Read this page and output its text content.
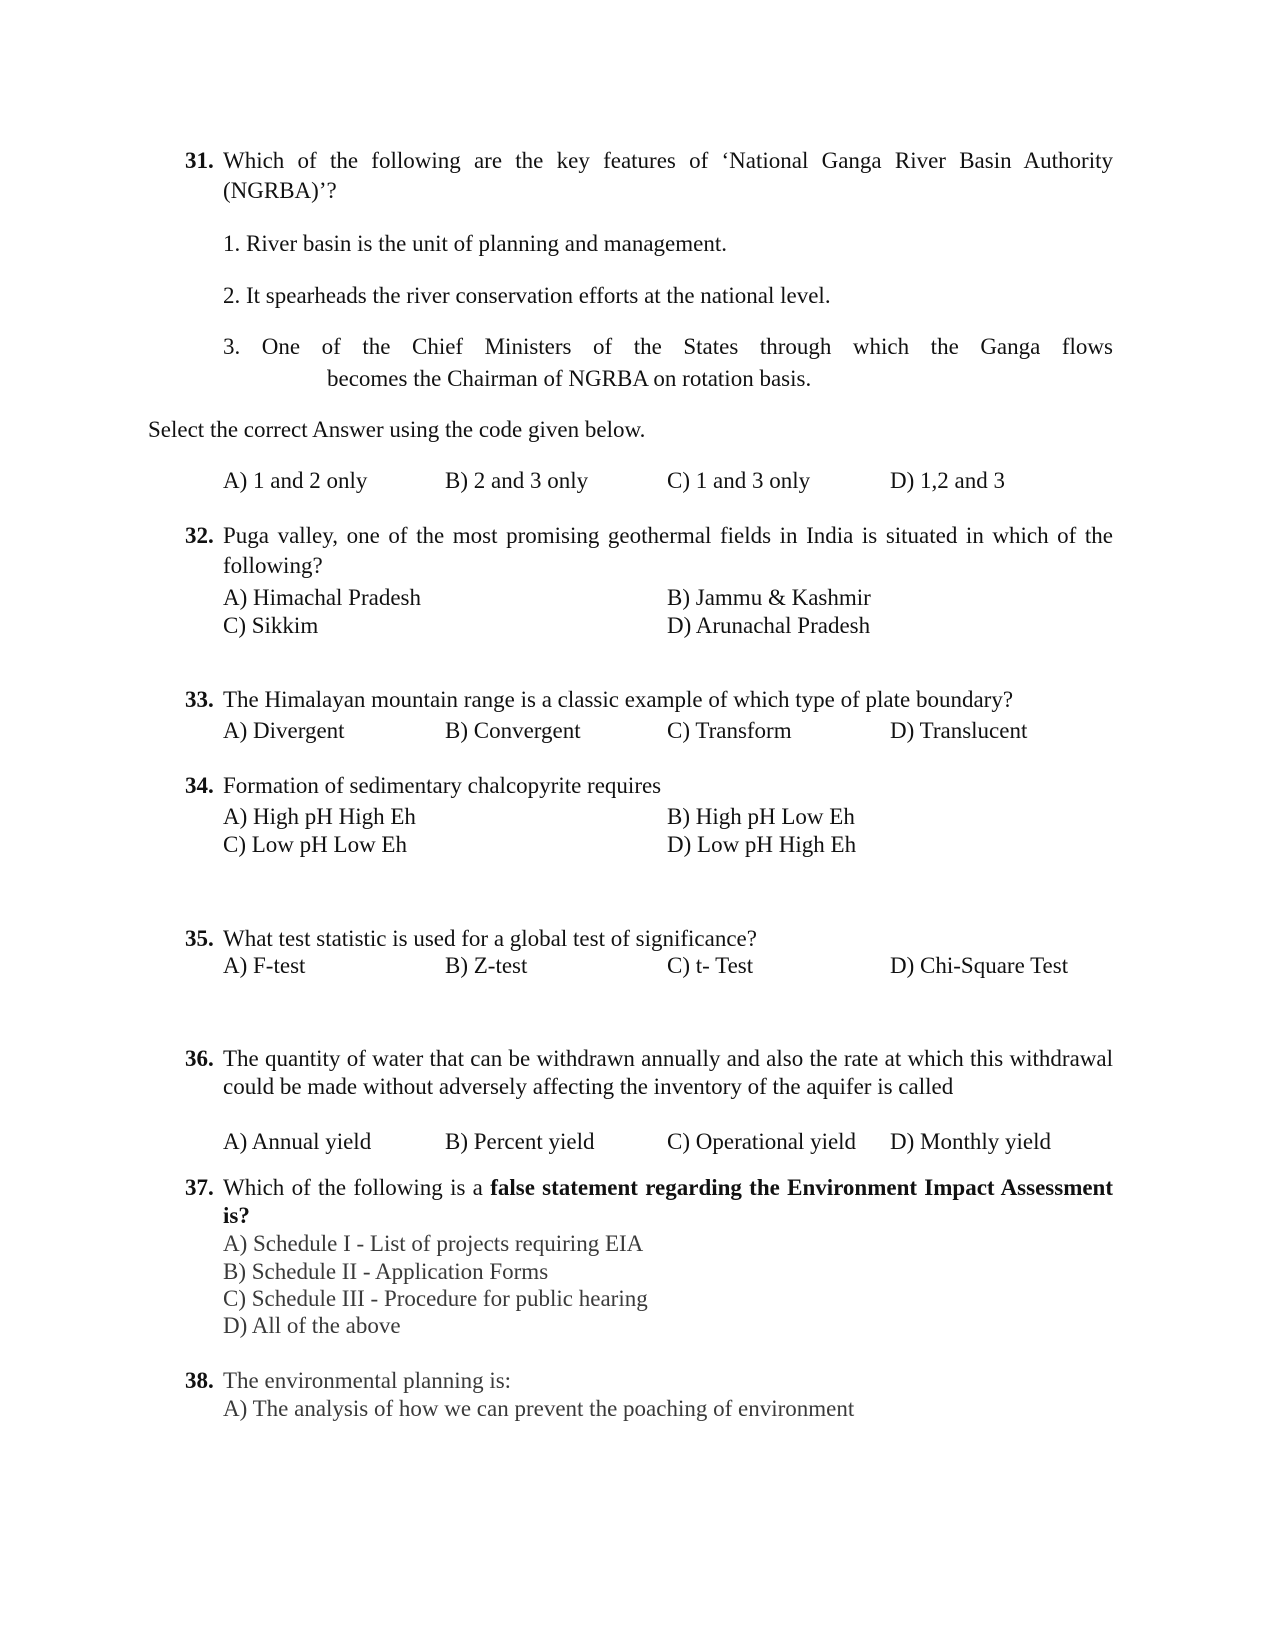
31. Which of the following are the key features of ‘National Ganga River Basin Authority (NGRBA)’?
1. River basin is the unit of planning and management.
2. It spearheads the river conservation efforts at the national level.
3. One of the Chief Ministers of the States through which the Ganga flows
becomes the Chairman of NGRBA on rotation basis.
Select the correct Answer using the code given below.
A) 1 and 2 only	B) 2 and 3 only	C) 1 and 3 only	D) 1,2 and 3
32. Puga valley, one of the most promising geothermal fields in India is situated in which of the following?
A) Himachal Pradesh	B) Jammu & Kashmir
C) Sikkim	D) Arunachal Pradesh
33. The Himalayan mountain range is a classic example of which type of plate boundary?
A) Divergent	B) Convergent	C) Transform	D) Translucent
34. Formation of sedimentary chalcopyrite requires
A) High pH High Eh	B) High pH Low Eh
C) Low pH Low Eh	D) Low pH High Eh
35. What test statistic is used for a global test of significance?
A) F-test	B) Z-test	C) t- Test	D) Chi-Square Test
36. The quantity of water that can be withdrawn annually and also the rate at which this withdrawal could be made without adversely affecting the inventory of the aquifer is called
A) Annual yield	B) Percent yield	C) Operational yield D) Monthly yield
37. Which of the following is a false statement regarding the Environment Impact Assessment is?
A) Schedule I - List of projects requiring EIA
B) Schedule II - Application Forms
C) Schedule III - Procedure for public hearing
D) All of the above
38. The environmental planning is:
A) The analysis of how we can prevent the poaching of environment
